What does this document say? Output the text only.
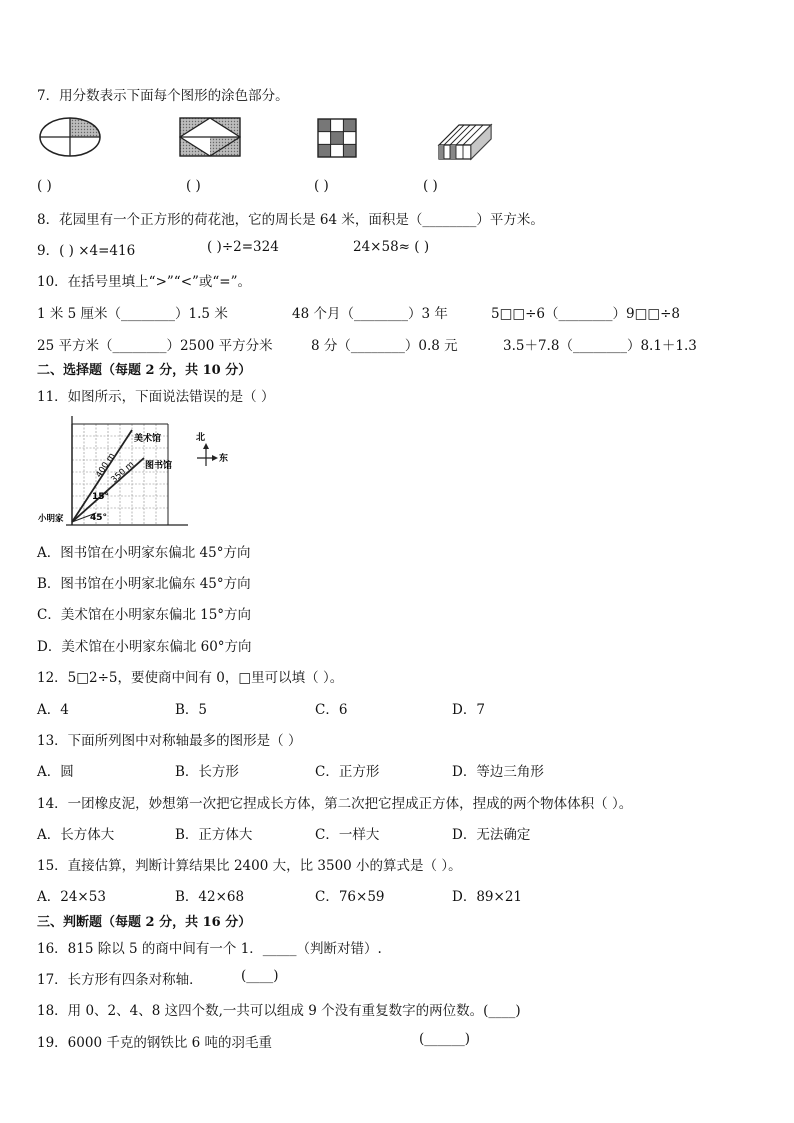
7．用分数表示下面每个图形的涂色部分。
( )	( )	( )	( )
8．花园里有一个正方形的荷花池，它的周长是 64 米，面积是（________）平方米。
9．( ) ×4=416	( )÷2=324	24×58≈ ( )
10．在括号里填上“>”“<”或“=”。
1 米 5 厘米（________）1.5 米	48 个月（________）3 年	5□□÷6（________）9□□÷8
25 平方米（________）2500 平方分米	8 分（________）0.8 元	3.5＋7.8（________）8.1＋1.3
二、选择题（每题 2 分，共 10 分）
11．如图所示，下面说法错误的是（ ）
美术馆
图书馆
小明家
北
东
400 m
350 m
15°
45°
A．图书馆在小明家东偏北 45°方向
B．图书馆在小明家北偏东 45°方向
C．美术馆在小明家东偏北 15°方向
D．美术馆在小明家东偏北 60°方向
12．5□2÷5，要使商中间有 0，□里可以填（ ）。
A．4	B．5	C．6	D．7
13．下面所列图中对称轴最多的图形是（ ）
A．圆	B．长方形	C．正方形	D．等边三角形
14．一团橡皮泥，妙想第一次把它捏成长方体，第二次把它捏成正方体，捏成的两个物体体积（ ）。
A．长方体大	B．正方体大	C．一样大	D．无法确定
15．直接估算，判断计算结果比 2400 大，比 3500 小的算式是（ ）。
A．24×53	B．42×68	C．76×59	D．89×21
三、判断题（每题 2 分，共 16 分）
16．815 除以 5 的商中间有一个 1．_____（判断对错）.
17．长方形有四条对称轴．	(____)
18．用 0、2、4、8 这四个数,一共可以组成 9 个没有重复数字的两位数。(____)
19．6000 千克的钢铁比 6 吨的羽毛重	(______)
